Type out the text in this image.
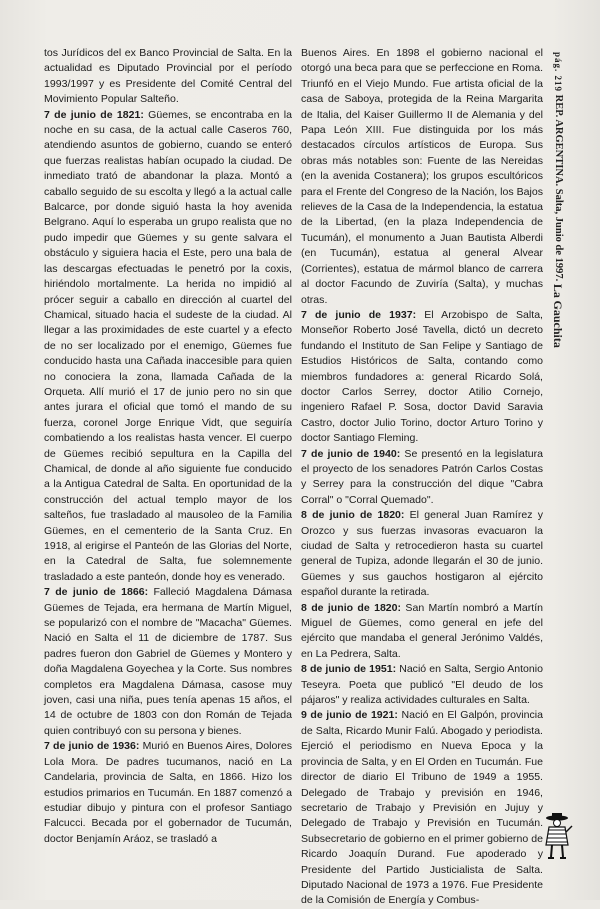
tos Jurídicos del ex Banco Provincial de Salta. En la actualidad es Diputado Provincial por el período 1993/1997 y es Presidente del Comité Central del Movimiento Popular Salteño.

7 de junio de 1821: Güemes, se encontraba en la noche en su casa, de la actual calle Caseros 760, atendiendo asuntos de gobierno, cuando se enteró que fuerzas realistas habían ocupado la ciudad. De inmediato trató de abandonar la plaza. Montó a caballo seguido de su escolta y llegó a la actual calle Balcarce, por donde siguió hasta la hoy avenida Belgrano. Aquí lo esperaba un grupo realista que no pudo impedir que Güemes y su gente salvara el obstáculo y siguiera hacia el Este, pero una bala de las descargas efectuadas le penetró por la coxis, hiriéndolo mortalmente. La herida no impidió al prócer seguir a caballo en dirección al cuartel del Chamical, situado hacia el sudeste de la ciudad. Al llegar a las proximidades de este cuartel y a efecto de no ser localizado por el enemigo, Güemes fue conducido hasta una Cañada inaccesible para quien no conociera la zona, llamada Cañada de la Orqueta. Allí murió el 17 de junio pero no sin que antes jurara el oficial que tomó el mando de su fuerza, coronel Jorge Enrique Vidt, que seguiría combatiendo a los realistas hasta vencer. El cuerpo de Güemes recibió sepultura en la Capilla del Chamical, de donde al año siguiente fue conducido a la Antigua Catedral de Salta. En oportunidad de la construcción del actual templo mayor de los salteños, fue trasladado al mausoleo de la Familia Güemes, en el cementerio de la Santa Cruz. En 1918, al erigirse el Panteón de las Glorias del Norte, en la Catedral de Salta, fue solemnemente trasladado a este panteón, donde hoy es venerado.

7 de junio de 1866: Falleció Magdalena Dámasa Güemes de Tejada, era hermana de Martín Miguel, se popularizó con el nombre de "Macacha" Güemes. Nació en Salta el 11 de diciembre de 1787. Sus padres fueron don Gabriel de Güemes y Montero y doña Magdalena Goyechea y la Corte. Sus nombres completos era Magdalena Dámasa, casose muy joven, casi una niña, pues tenía apenas 15 años, el 14 de octubre de 1803 con don Román de Tejada quien contribuyó con su persona y bienes.

7 de junio de 1936: Murió en Buenos Aires, Dolores Lola Mora. De padres tucumanos, nació en La Candelaria, provincia de Salta, en 1866. Hizo los estudios primarios en Tucumán. En 1887 comenzó a estudiar dibujo y pintura con el profesor Santiago Falcucci. Becada por el gobernador de Tucumán, doctor Benjamín Aráoz, se trasladó a

Buenos Aires. En 1898 el gobierno nacional el otorgó una beca para que se perfeccione en Roma. Triunfó en el Viejo Mundo. Fue artista oficial de la casa de Saboya, protegida de la Reina Margarita de Italia, del Kaiser Guillermo II de Alemania y del Papa León XIII. Fue distinguida por los más destacados círculos artísticos de Europa. Sus obras más notables son: Fuente de las Nereidas (en la avenida Costanera); los grupos escultóricos para el Frente del Congreso de la Nación, los Bajos relieves de la Casa de la Independencia, la estatua de la Libertad, (en la plaza Independencia de Tucumán), el monumento a Juan Bautista Alberdi (en Tucumán), estatua al general Alvear (Corrientes), estatua de mármol blanco de carrera al doctor Facundo de Zuviría (Salta), y muchas otras.

7 de junio de 1937: El Arzobispo de Salta, Monseñor Roberto José Tavella, dictó un decreto fundando el Instituto de San Felipe y Santiago de Estudios Históricos de Salta, contando como miembros fundadores a: general Ricardo Solá, doctor Carlos Serrey, doctor Atilio Cornejo, ingeniero Rafael P. Sosa, doctor David Saravia Castro, doctor Julio Torino, doctor Arturo Torino y doctor Santiago Fleming.

7 de junio de 1940: Se presentó en la legislatura el proyecto de los senadores Patrón Carlos Costas y Serrey para la construcción del dique "Cabra Corral" o "Corral Quemado".

8 de junio de 1820: El general Juan Ramírez y Orozco y sus fuerzas invasoras evacuaron la ciudad de Salta y retrocedieron hasta su cuartel general de Tupiza, adonde llegarán el 30 de junio. Güemes y sus gauchos hostigaron al ejército español durante la retirada.

8 de junio de 1820: San Martín nombró a Martín Miguel de Güemes, como general en jefe del ejército que mandaba el general Jerónimo Valdés, en La Pedrera, Salta.

8 de junio de 1951: Nació en Salta, Sergio Antonio Teseyra. Poeta que publicó "El deudo de los pájaros" y realiza actividades culturales en Salta.

9 de junio de 1921: Nació en El Galpón, provincia de Salta, Ricardo Munir Falú. Abogado y periodista. Ejerció el periodismo en Nueva Epoca y la provincia de Salta, y en El Orden en Tucumán. Fue director de diario El Tribuno de 1949 a 1955. Delegado de Trabajo y previsión en 1946, secretario de Trabajo y Previsión en Jujuy y Delegado de Trabajo y Previsión en Tucumán. Subsecretario de gobierno en el primer gobierno de Ricardo Joaquín Durand. Fue apoderado y Presidente del Partido Justicialista de Salta. Diputado Nacional de 1973 a 1976. Fue Presidente de la Comisión de Energía y Combus-

pág. 219 REP. ARGENTINA. Salta, Junio de 1997. La Gauchita
